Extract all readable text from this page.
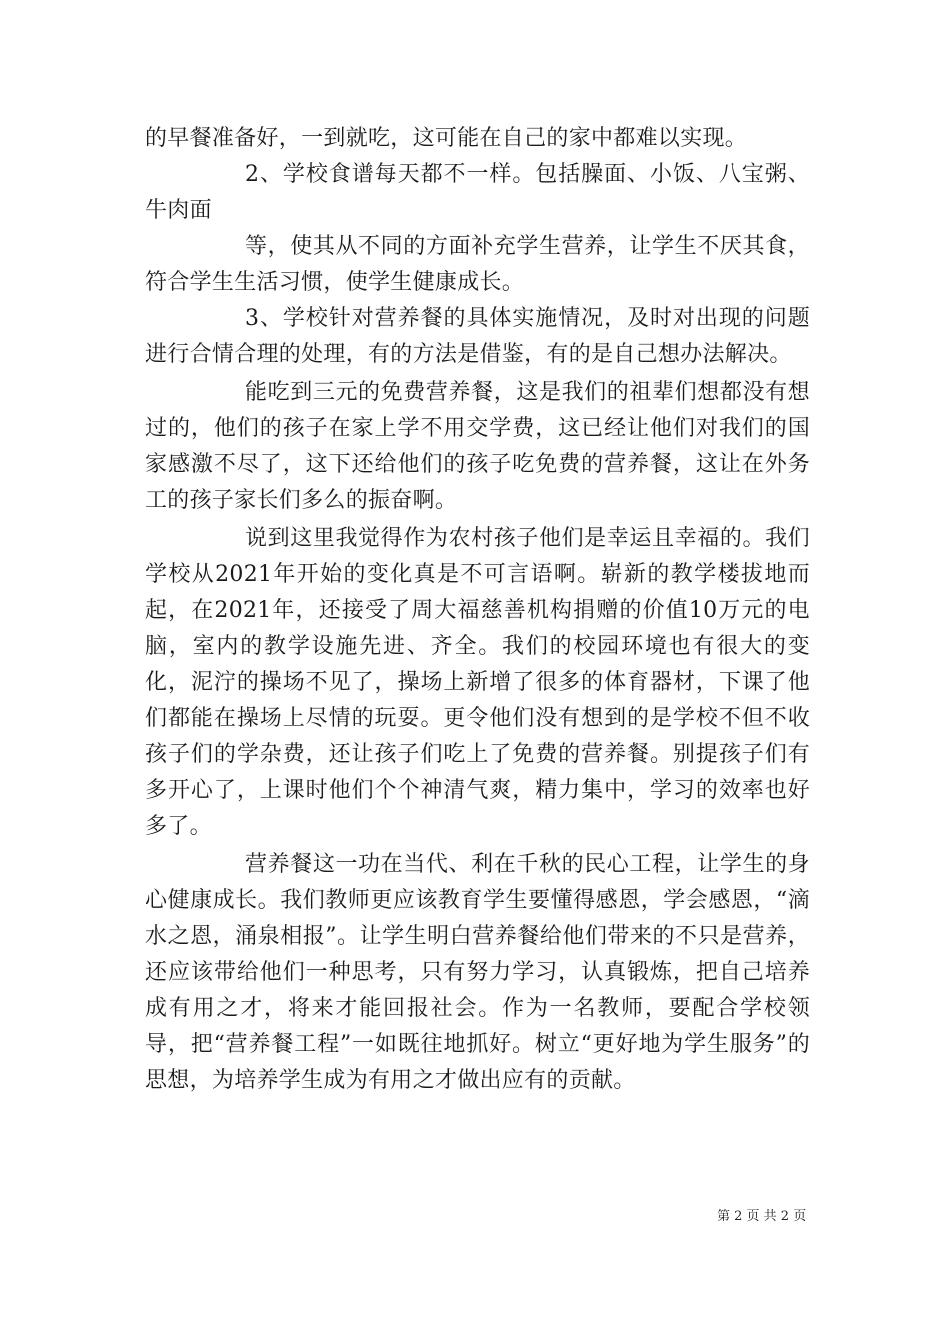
的早餐准备好，一到就吃，这可能在自己的家中都难以实现。

2、学校食谱每天都不一样。包括臊面、小饭、八宝粥、牛肉面

等，使其从不同的方面补充学生营养，让学生不厌其食，符合学生生活习惯，使学生健康成长。

3、学校针对营养餐的具体实施情况，及时对出现的问题进行合情合理的处理，有的方法是借鉴，有的是自己想办法解决。

能吃到三元的免费营养餐，这是我们的祖辈们想都没有想过的，他们的孩子在家上学不用交学费，这已经让他们对我们的国家感激不尽了，这下还给他们的孩子吃免费的营养餐，这让在外务工的孩子家长们多么的振奋啊。

说到这里我觉得作为农村孩子他们是幸运且幸福的。我们学校从2021年开始的变化真是不可言语啊。崭新的教学楼拔地而起，在2021年，还接受了周大福慈善机构捐赠的价值10万元的电脑，室内的教学设施先进、齐全。我们的校园环境也有很大的变化，泥泞的操场不见了，操场上新增了很多的体育器材，下课了他们都能在操场上尽情的玩耍。更令他们没有想到的是学校不但不收孩子们的学杂费，还让孩子们吃上了免费的营养餐。别提孩子们有多开心了，上课时他们个个神清气爽，精力集中，学习的效率也好多了。

营养餐这一功在当代、利在千秋的民心工程，让学生的身心健康成长。我们教师更应该教育学生要懂得感恩，学会感恩，“滴水之恩，涌泉相报”。让学生明白营养餐给他们带来的不只是营养，还应该带给他们一种思考，只有努力学习，认真锻炼，把自己培养成有用之才，将来才能回报社会。作为一名教师，要配合学校领导，把“营养餐工程”一如既往地抓好。树立“更好地为学生服务”的思想，为培养学生成为有用之才做出应有的贡献。

第 2 页 共 2 页
